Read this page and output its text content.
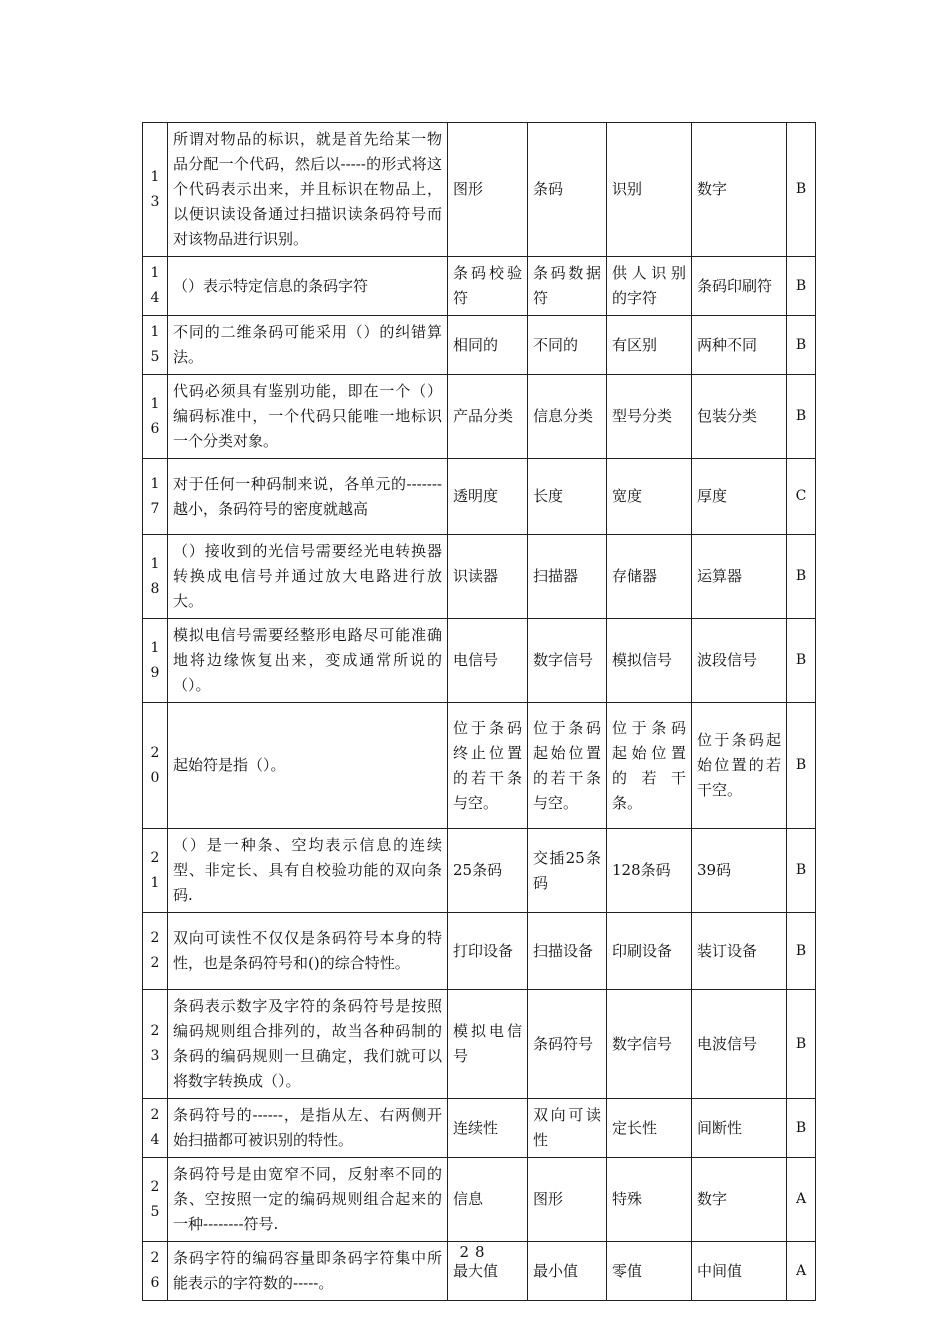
13	所谓对物品的标识，就是首先给某一物品分配一个代码，然后以-----的形式将这个代码表示出来，并且标识在物品上，以便识读设备通过扫描识读条码符号而对该物品进行识别。	图形	条码	识别	数字	B

14	（）表示特定信息的条码字符	条码校验符	条码数据符	供人识别的字符	条码印刷符	B

15	不同的二维条码可能采用（）的纠错算法。	相同的	不同的	有区别	两种不同	B

16	代码必须具有鉴别功能，即在一个（）编码标准中，一个代码只能唯一地标识一个分类对象。	产品分类	信息分类	型号分类	包装分类	B

17	对于任何一种码制来说，各单元的-------越小，条码符号的密度就越高	透明度	长度	宽度	厚度	C

18	（）接收到的光信号需要经光电转换器转换成电信号并通过放大电路进行放大。	识读器	扫描器	存储器	运算器	B

19	模拟电信号需要经整形电路尽可能准确地将边缘恢复出来，变成通常所说的（）。	电信号	数字信号	模拟信号	波段信号	B

20	起始符是指（）。	位于条码终止位置的若干条与空。	位于条码起始位置的若干条与空。	位于条码起始位置的若干条。	位于条码起始位置的若干空。	B

21	（）是一种条、空均表示信息的连续型、非定长、具有自校验功能的双向条码.	25条码	交插25条码	128条码	39码	B

22	双向可读性不仅仅是条码符号本身的特性，也是条码符号和()的综合特性。	打印设备	扫描设备	印刷设备	装订设备	B

23	条码表示数字及字符的条码符号是按照编码规则组合排列的，故当各种码制的条码的编码规则一旦确定，我们就可以将数字转换成（）。	模拟电信号	条码符号	数字信号	电波信号	B

24	条码符号的------，是指从左、右两侧开始扫描都可被识别的特性。	连续性	双向可读性	定长性	间断性	B

25	条码符号是由宽窄不同，反射率不同的条、空按照一定的编码规则组合起来的一种--------符号.	信息	图形	特殊	数字	A

26	条码字符的编码容量即条码字符集中所能表示的字符数的-----。	最大值	最小值	零值	中间值	A
28
